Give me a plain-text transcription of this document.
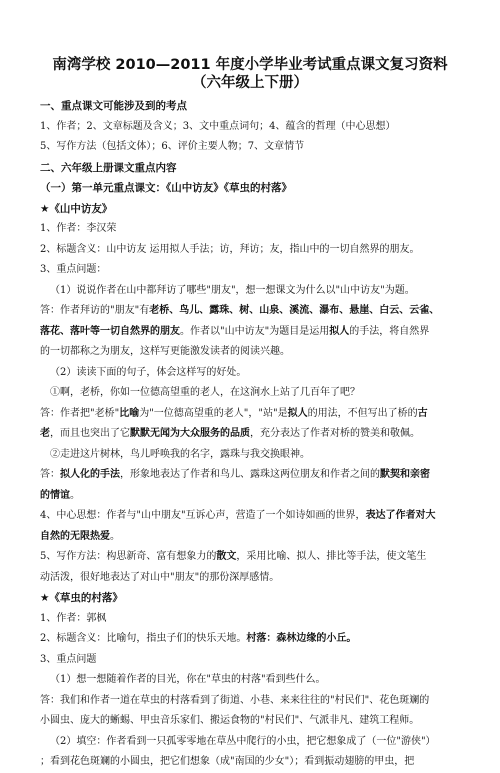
南湾学校 2010—2011 年度小学毕业考试重点课文复习资料
（六年级上下册）

一、重点课文可能涉及到的考点

1、作者；2、文章标题及含义；3、文中重点词句；4、蕴含的哲理（中心思想）

5、写作方法（包括文体）；6、评价主要人物；7、文章情节

二、六年级上册课文重点内容

（一）第一单元重点课文：《山中访友》《草虫的村落》

★《山中访友》

1、作者：李汉荣

2、标题含义：山中访友 运用拟人手法；访，拜访；友，指山中的一切自然界的朋友。

3、重点问题：

（1）说说作者在山中都拜访了哪些"朋友"，想一想课文为什么以"山中访友"为题。

答：作者拜访的"朋友"有老桥、鸟儿、露珠、树、山泉、溪流、瀑布、悬崖、白云、云雀、

落花、落叶等一切自然界的朋友。作者以"山中访友"为题目是运用拟人的手法，将自然界

的一切都称之为朋友，这样写更能激发读者的阅读兴趣。

（2）读读下面的句子，体会这样写的好处。

①啊，老桥，你如一位德高望重的老人，在这涧水上站了几百年了吧？

答：作者把"老桥"比喻为"一位德高望重的老人"，"站"是拟人的用法，不但写出了桥的古

老，而且也突出了它默默无闻为大众服务的品质，充分表达了作者对桥的赞美和敬佩。

②走进这片树林，鸟儿呼唤我的名字，露珠与我交换眼神。

答：拟人化的手法，形象地表达了作者和鸟儿、露珠这两位朋友和作者之间的默契和亲密

的情谊。

4、中心思想：作者与"山中朋友"互诉心声，营造了一个如诗如画的世界，表达了作者对大

自然的无限热爱。

5、写作方法：构思新奇、富有想象力的散文，采用比喻、拟人、排比等手法，使文笔生

动活泼，很好地表达了对山中"朋友"的那份深厚感情。

★《草虫的村落》

1、作者：郭枫

2、标题含义：比喻句，指虫子们的快乐天地。村落：森林边缘的小丘。

3、重点问题

（1）想一想随着作者的目光，你在"草虫的村落"看到些什么。

答：我们和作者一道在草虫的村落看到了街道、小巷、来来往往的"村民们"、花色斑斓的

小圆虫、庞大的蜥蜴、甲虫音乐家们、搬运食物的"村民们"、气派非凡、建筑工程师。

（2）填空：作者看到一只孤零零地在草丛中爬行的小虫，把它想象成了（一位"游侠"）

；看到花色斑斓的小圆虫，把它们想象（成"南国的少女"）；看到振动翅膀的甲虫，把
